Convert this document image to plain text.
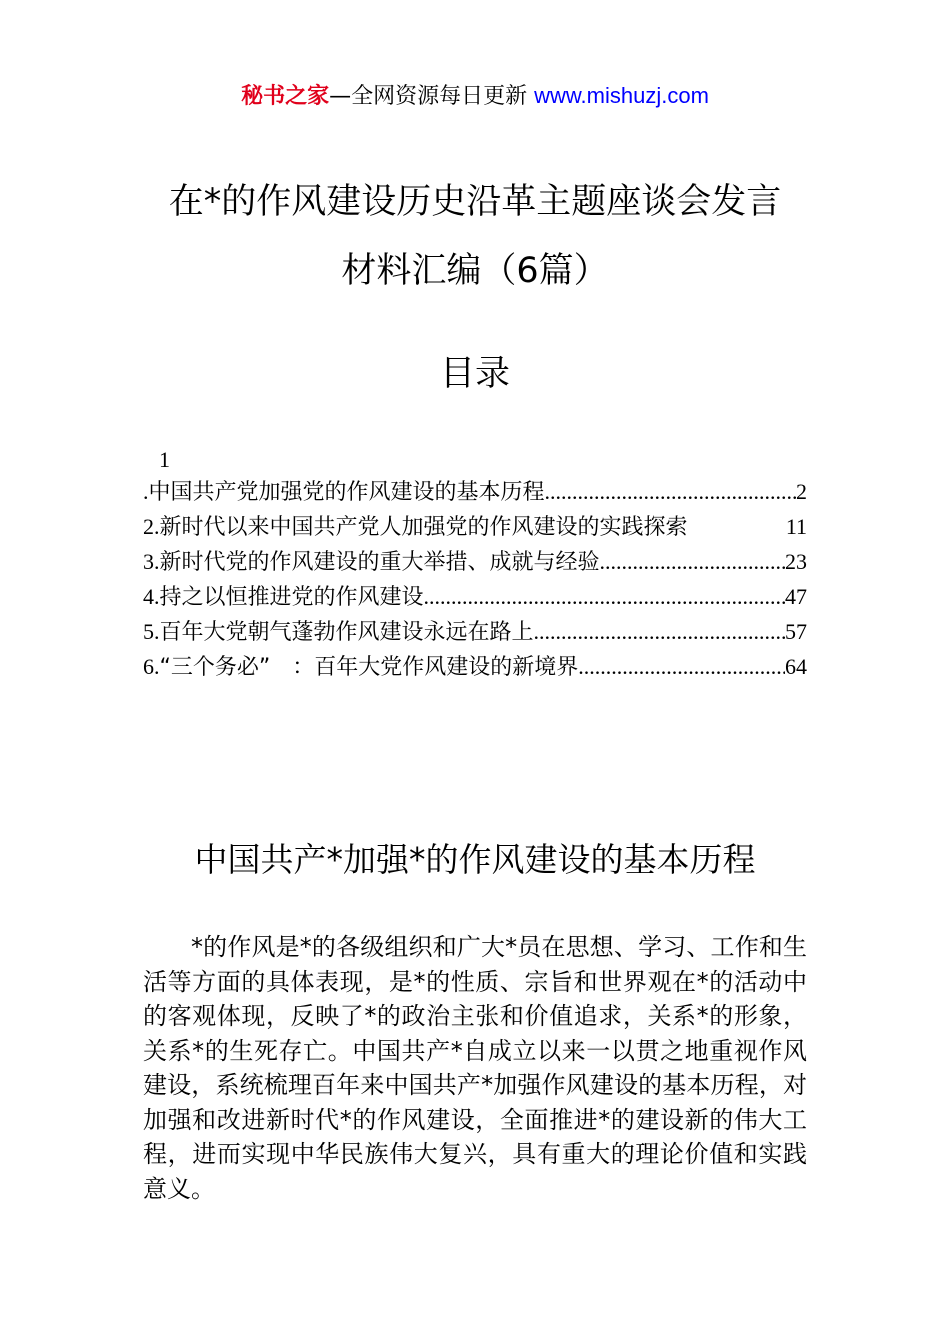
秘书之家—全网资源每日更新 www.mishuzj.com
在*的作风建设历史沿革主题座谈会发言
材料汇编（6篇）
目录
1
.中国共产党加强党的作风建设的基本历程 .....	2
2.新时代以来中国共产党人加强党的作风建设的实践探索	11
3.新时代党的作风建设的重大举措、成就与经验 .....	23
4.持之以恒推进党的作风建设 .....	47
5.百年大党朝气蓬勃作风建设永远在路上 .....	57
6.“三个务必”　：百年大党作风建设的新境界 .....	64
中国共产*加强*的作风建设的基本历程

*的作风是*的各级组织和广大*员在思想、学习、工作和生活等方面的具体表现，是*的性质、宗旨和世界观在*的活动中的客观体现，反映了*的政治主张和价值追求，关系*的形象，关系*的生死存亡。中国共产*自成立以来一以贯之地重视作风建设，系统梳理百年来中国共产*加强作风建设的基本历程，对加强和改进新时代*的作风建设，全面推进*的建设新的伟大工程，进而实现中华民族伟大复兴，具有重大的理论价值和实践意义。
